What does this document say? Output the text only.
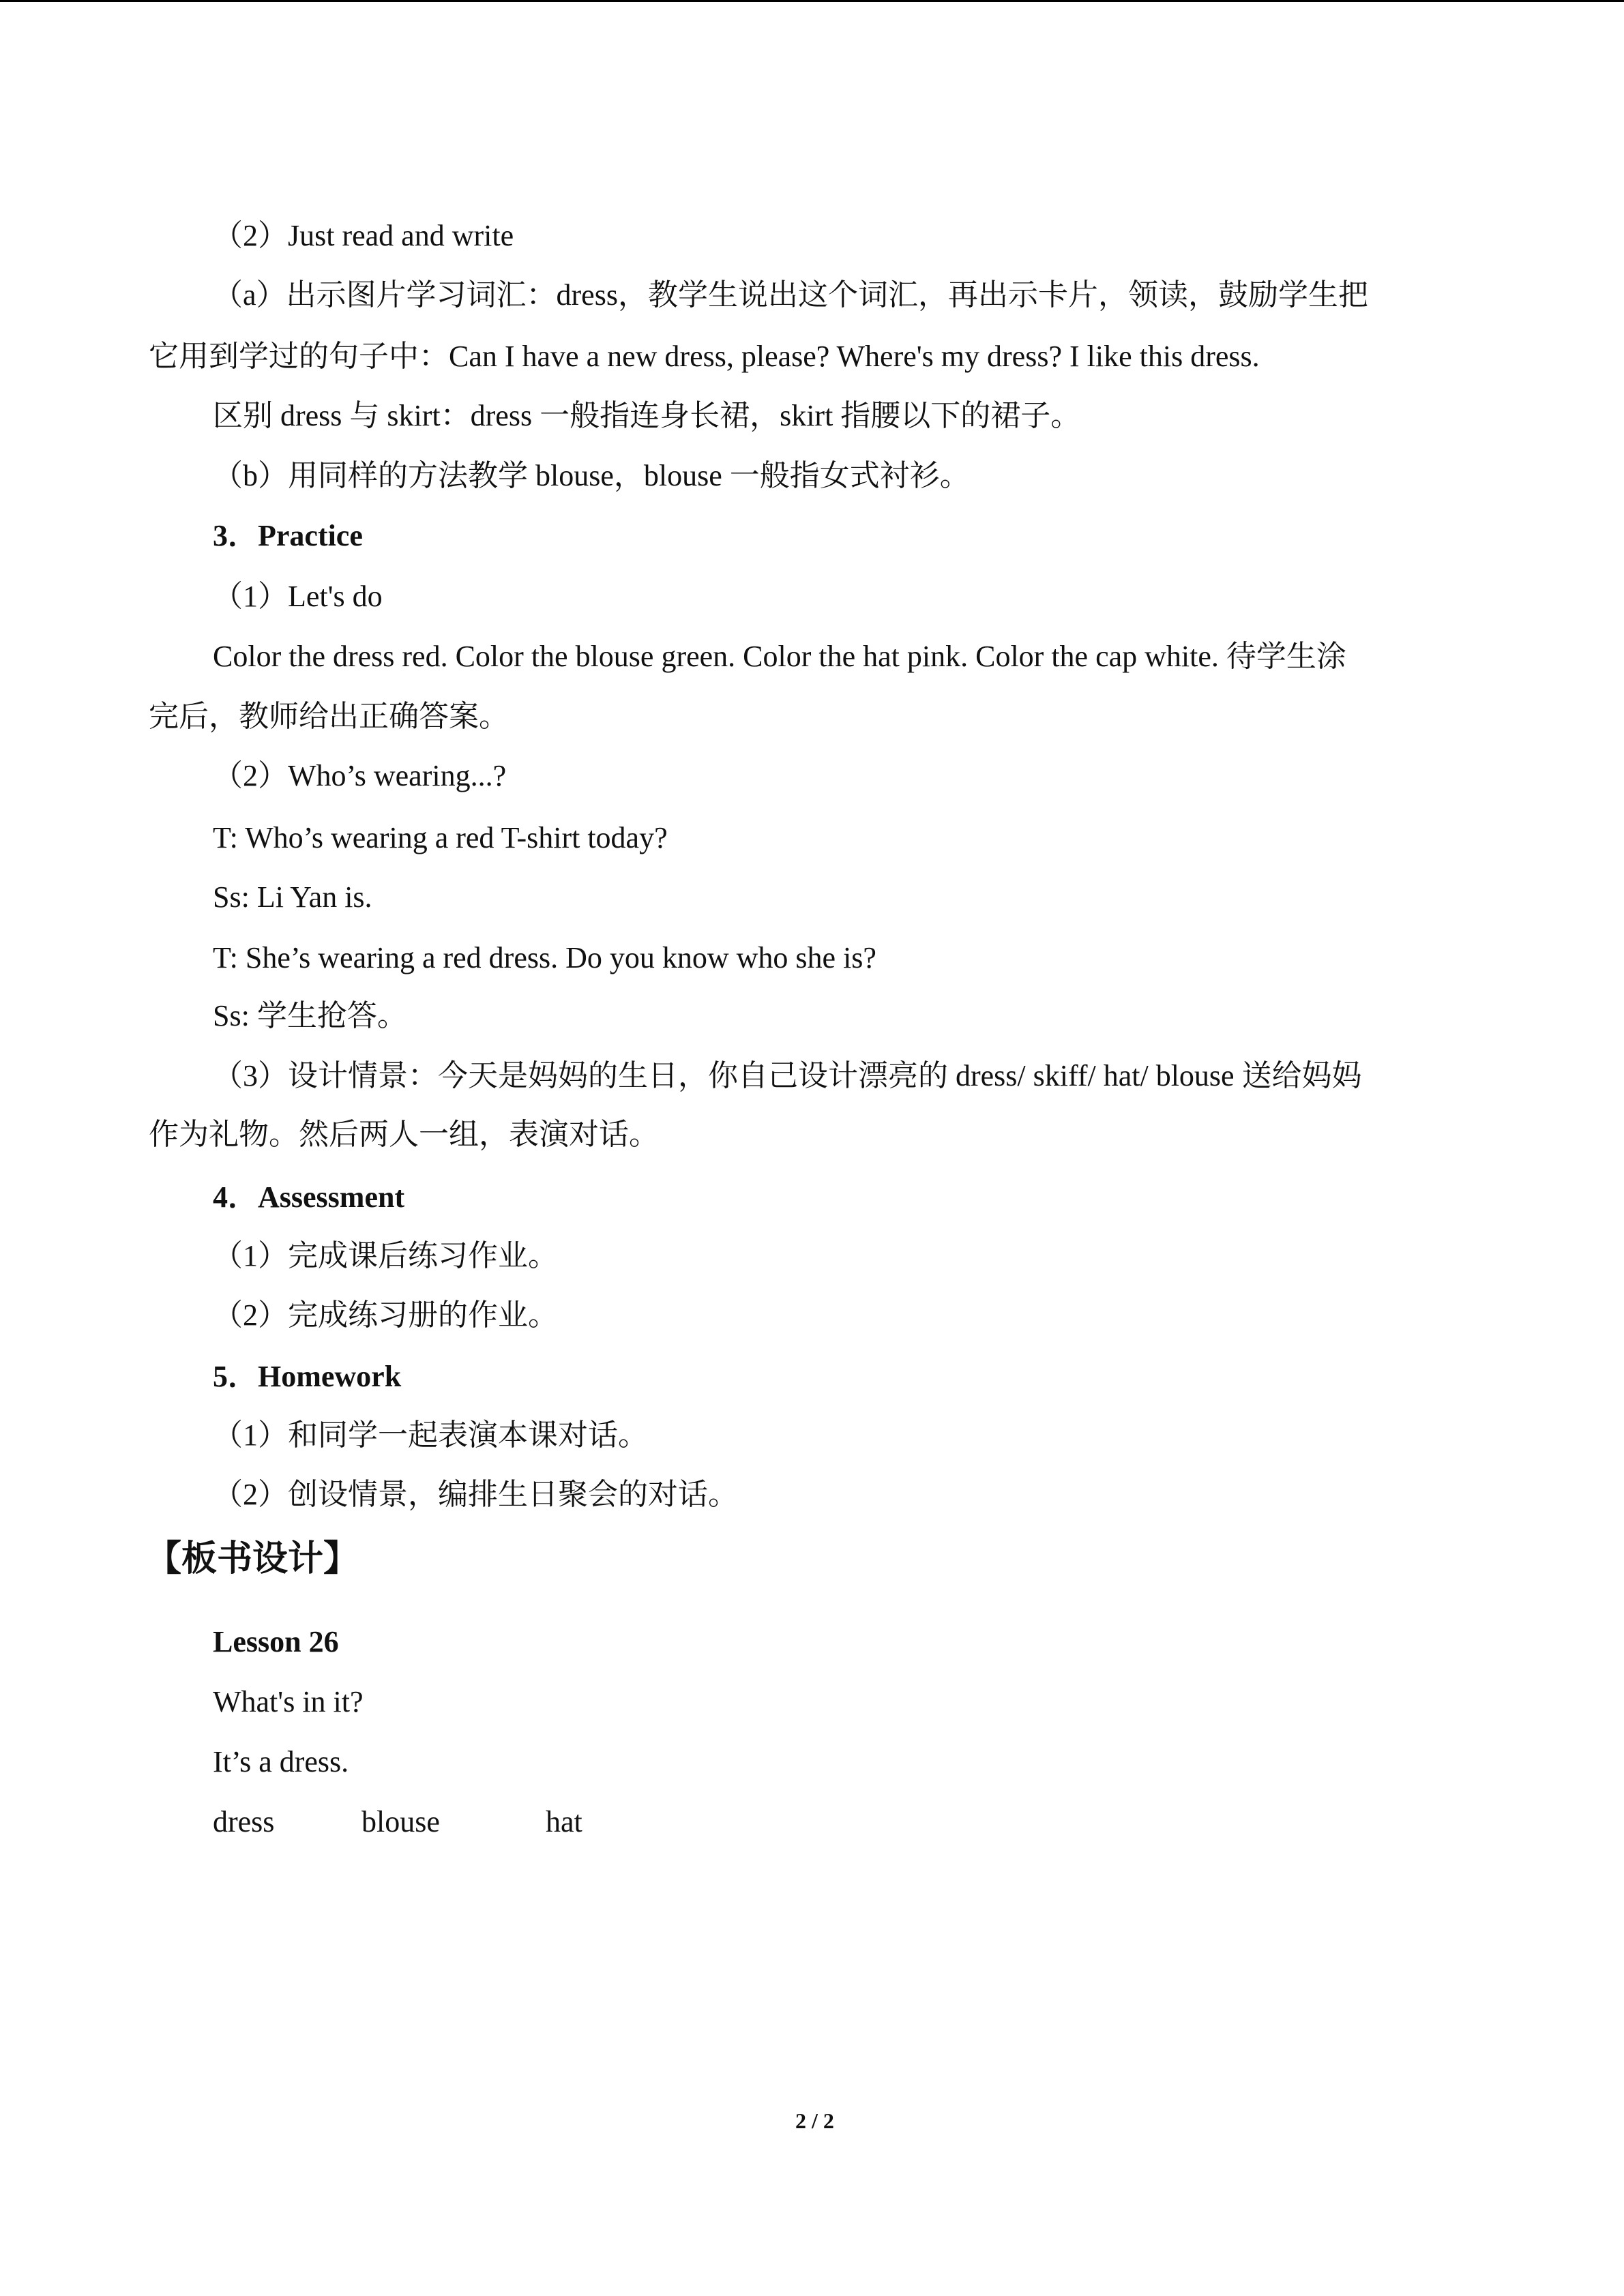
（2）Just read and write
（a）出示图片学习词汇：dress，教学生说出这个词汇，再出示卡片，领读，鼓励学生把
它用到学过的句子中：Can I have a new dress, please? Where's my dress? I like this dress.
区别 dress 与 skirt：dress 一般指连身长裙，skirt 指腰以下的裙子。
（b）用同样的方法教学 blouse，blouse 一般指女式衬衫。
3．Practice
（1）Let's do
Color the dress red. Color the blouse green. Color the hat pink. Color the cap white. 待学生涂
完后，教师给出正确答案。
（2）Who’s wearing...?
T: Who’s wearing a red T-shirt today?
Ss: Li Yan is.
T: She’s wearing a red dress. Do you know who she is?
Ss: 学生抢答。
（3）设计情景：今天是妈妈的生日，你自己设计漂亮的 dress/ skiff/ hat/ blouse 送给妈妈
作为礼物。然后两人一组，表演对话。
4．Assessment
（1）完成课后练习作业。
（2）完成练习册的作业。
5．Homework
（1）和同学一起表演本课对话。
（2）创设情景，编排生日聚会的对话。
【板书设计】
Lesson 26
What's in it?
It’s a dress.
dress	blouse	hat
2 / 2
